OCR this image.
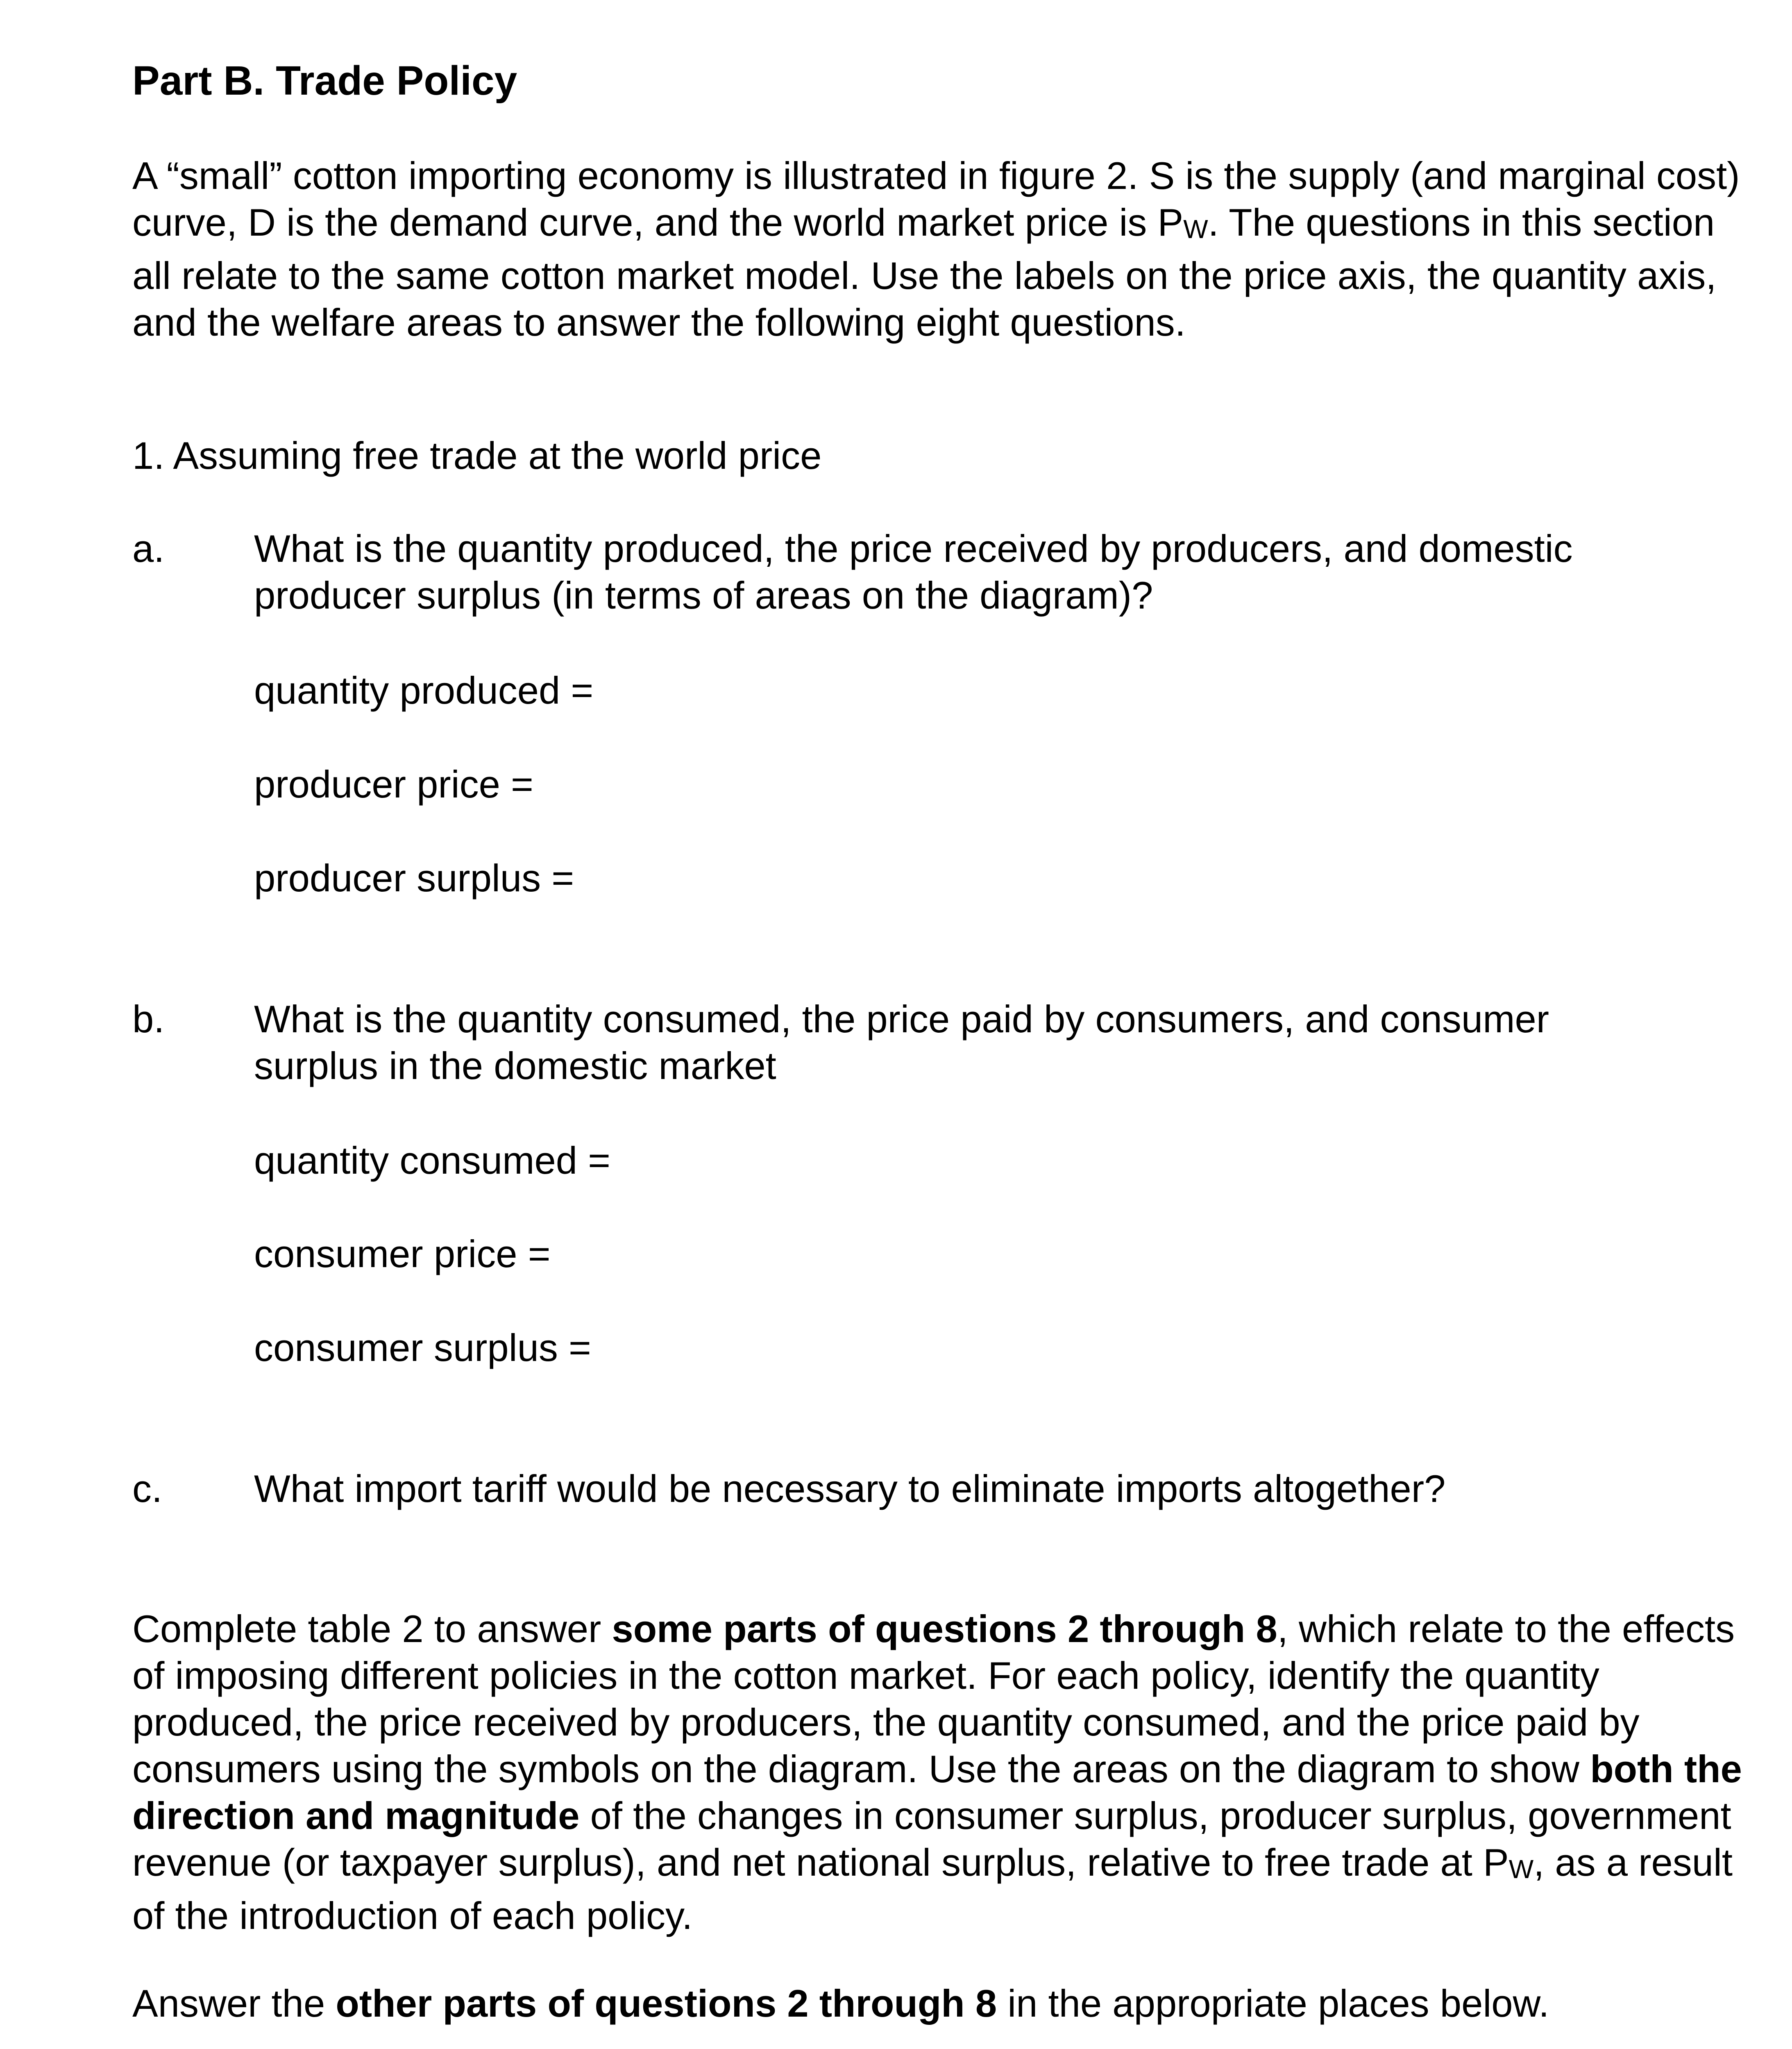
Part B. Trade Policy
A “small” cotton importing economy is illustrated in figure 2. S is the supply (and marginal cost) curve, D is the demand curve, and the world market price is PW. The questions in this section all relate to the same cotton market model. Use the labels on the price axis, the quantity axis, and the welfare areas to answer the following eight questions.
1. Assuming free trade at the world price
a. What is the quantity produced, the price received by producers, and domestic producer surplus (in terms of areas on the diagram)?
quantity produced =
producer price =
producer surplus =
b. What is the quantity consumed, the price paid by consumers, and consumer surplus in the domestic market
quantity consumed =
consumer price =
consumer surplus =
c. What import tariff would be necessary to eliminate imports altogether?
Complete table 2 to answer some parts of questions 2 through 8, which relate to the effects of imposing different policies in the cotton market. For each policy, identify the quantity produced, the price received by producers, the quantity consumed, and the price paid by consumers using the symbols on the diagram. Use the areas on the diagram to show both the direction and magnitude of the changes in consumer surplus, producer surplus, government revenue (or taxpayer surplus), and net national surplus, relative to free trade at PW, as a result of the introduction of each policy.
Answer the other parts of questions 2 through 8 in the appropriate places below.
